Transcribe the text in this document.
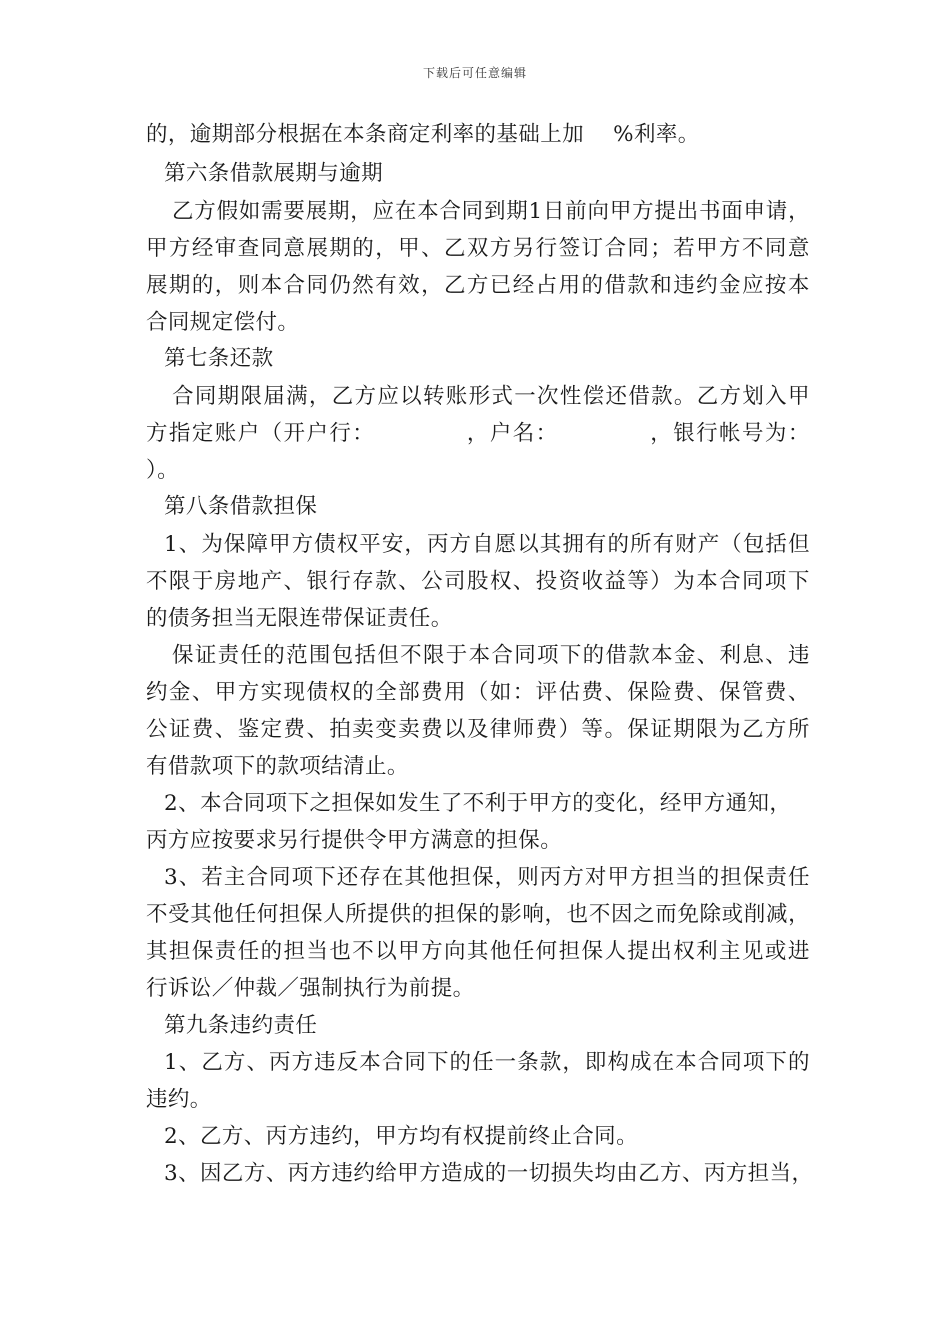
下载后可任意编辑
的，逾期部分根据在本条商定利率的基础上加　 %利率。
第六条借款展期与逾期
乙 方 假 如 需 要 展 期 ， 应 在 本 合 同 到 期 1 日 前 向 甲 方 提 出 书 面 申 请 ，
甲 方 经 审 查 同 意 展 期 的 ， 甲 、 乙 双 方 另 行 签 订 合 同 ； 若 甲 方 不 同 意
展 期 的 ， 则 本 合 同 仍 然 有 效 ， 乙 方 已 经 占 用 的 借 款 和 违 约 金 应 按 本
合同规定偿付。
第七条还款
合 同 期 限 届 满 ， 乙 方 应 以 转 账 形 式 一 次 性 偿 还 借 款 。 乙 方 划 入 甲
方 指 定 账 户 （ 开 户 行 ：

　	， 户 名 ：

　	， 银 行 帐 号 为 ：
）。
第八条借款担保
1 、 为 保 障 甲 方 债 权 平 安 ， 丙 方 自 愿 以 其 拥 有 的 所 有 财 产 （ 包 括 但
不 限 于 房 地 产 、 银 行 存 款 、 公 司 股 权 、 投 资 收 益 等 ） 为 本 合 同 项 下
的债务担当无限连带保证责任。
保 证 责 任 的 范 围 包 括 但 不 限 于 本 合 同 项 下 的 借 款 本 金 、 利 息 、 违
约 金 、 甲 方 实 现 债 权 的 全 部 费 用 （ 如 ： 评 估 费 、 保 险 费 、 保 管 费 、
公 证 费 、 鉴 定 费 、 拍 卖 变 卖 费 以 及 律 师 费 ） 等 。 保 证 期 限 为 乙 方 所
有借款项下的款项结清止。
2、本合同项下之担保如发生了不利于甲方的变化，经甲方通知，
丙方应按要求另行提供令甲方满意的担保。
3 、 若 主 合 同 项 下 还 存 在 其 他 担 保 ， 则 丙 方 对 甲 方 担 当 的 担 保 责 任
不 受 其 他 任 何 担 保 人 所 提 供 的 担 保 的 影 响 ， 也 不 因 之 而 免 除 或 削 减 ，
其 担 保 责 任 的 担 当 也 不 以 甲 方 向 其 他 任 何 担 保 人 提 出 权 利 主 见 或 进
行诉讼／仲裁／强制执行为前提。
第九条违约责任
1 、 乙 方 、 丙 方 违 反 本 合 同 下 的 任 一 条 款 ， 即 构 成 在 本 合 同 项 下 的
违约。
2、乙方、丙方违约，甲方均有权提前终止合同。
3 、 因 乙 方 、 丙 方 违 约 给 甲 方 造 成 的 一 切 损 失 均 由 乙 方 、 丙 方 担 当 ，
